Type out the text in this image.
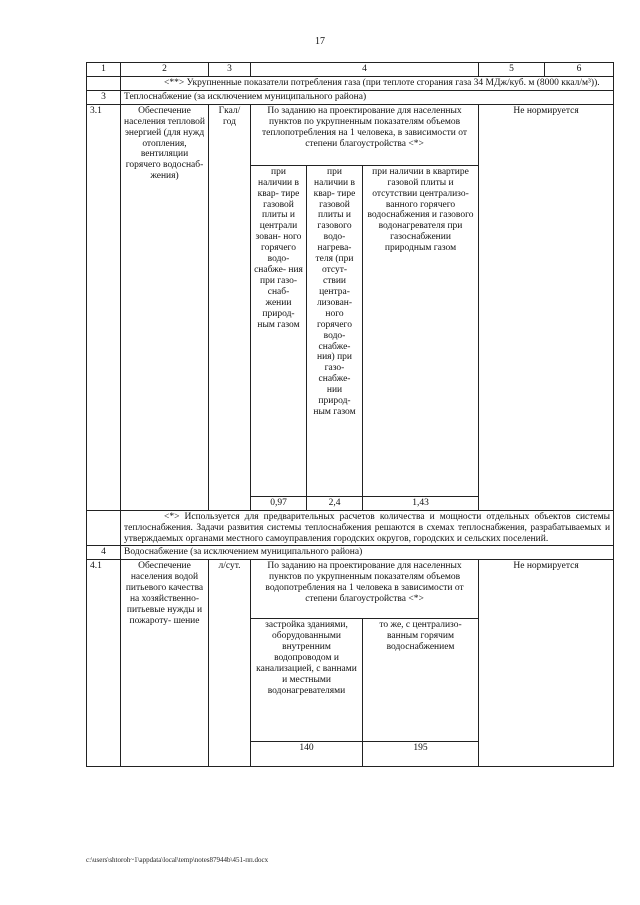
17
1	2	3	4			5	6
	<**> Укрупненные показатели потребления газа (при теплоте сгорания газа 34 МДж/куб. м (8000 ккал/м³)).						
3	Теплоснабжение (за исключением муниципального района)						
3.1	Обеспечение населения тепловой энергией (для нужд отопления, вентиляции горячего водоснаб- жения)	Гкал/ год	По заданию на проектирование для населенных пунктов по укрупненным показателям объемов теплопотребления на 1 человека, в зависимости от степени благоустройства <*>			Не нормируется	
			при наличии в квар- тире газовой плиты и централи зован- ного горячего водо- снабже- ния при газо- снаб- жении природ- ным газом	при наличии в квар- тире газовой плиты и газового водо- нагрева- теля (при отсут- ствии центра- лизован- ного горячего водо- снабже- ния) при газо- снабже- нии природ- ным газом	при наличии в квартире газовой плиты и отсутствии централизо- ванного горячего водоснабжения и газового водонагревателя при газоснабжении природным газом		
			0,97	2,4	1,43		
	<*> Используется для предварительных расчетов количества и мощности отдельных объектов системы теплоснабжения. Задачи развития системы теплоснабжения решаются в схемах теплоснабжения, разрабатываемых и утверждаемых органами местного самоуправления городских округов, городских и сельских поселений.						
4	Водоснабжение (за исключением муниципального района)						
4.1	Обеспечение населения водой питьевого качества на хозяйственно- питьевые нужды и пожароту- шение	л/сут.	По заданию на проектирование для населенных пунктов по укрупненным показателям объемов водопотребления на 1 человека в зависимости от степени благоустройства <*>			Не нормируется	
			застройка зданиями, оборудованными внутренним водопроводом и канализацией, с ваннами и местными водонагревателями		то же, с централизо- ванным горячим водоснабжением		
			140		195		
c:\users\shtoroh~1\appdata\local\temp\notes87944b\451-пп.docx
